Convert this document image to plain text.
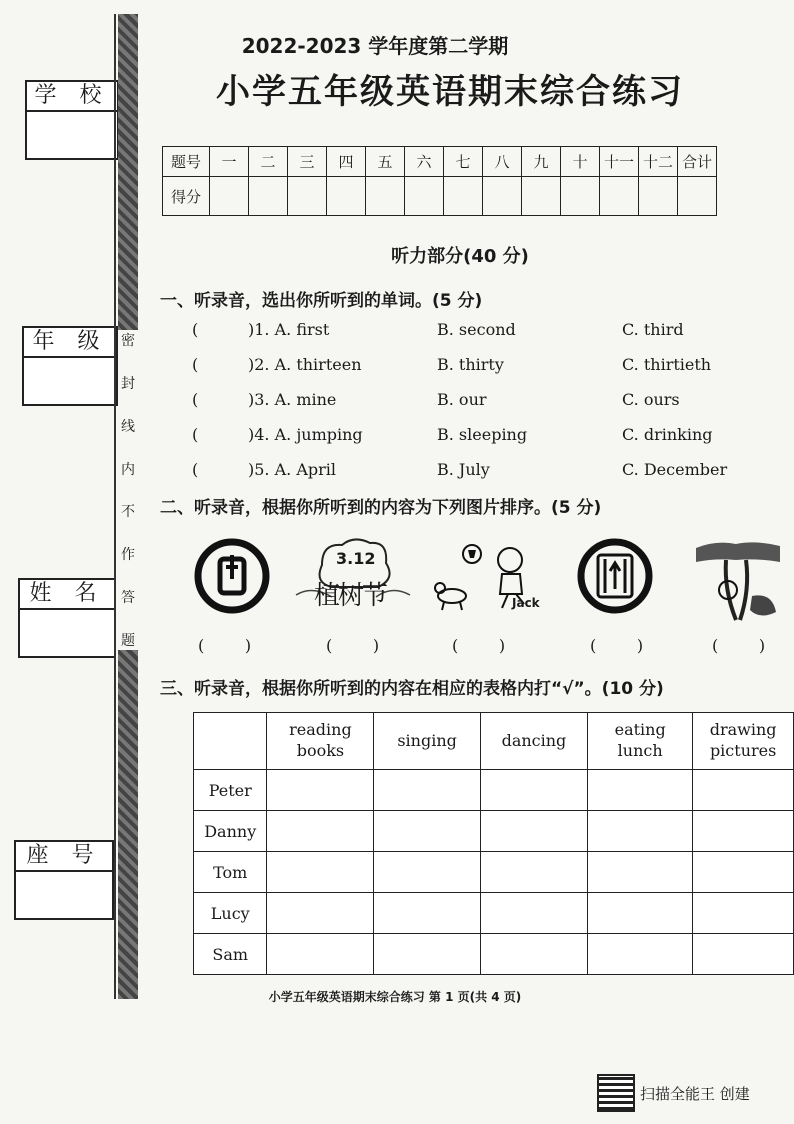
学 校
年 级
姓 名
座 号
密
封
线
内
不
作
答
题
2022-2023 学年度第二学期
小学五年级英语期末综合练习
题号	一	二	三	四	五	六	七	八	九	十	十一	十二	合计
得分													
听力部分(40 分)
一、听录音，选出你所听到的单词。(5 分)
(	)1. A. first	B. second	C. third
(	)2. A. thirteen	B. thirty	C. thirtieth
(	)3. A. mine	B. our	C. ours
(	)4. A. jumping	B. sleeping	C. drinking
(	)5. A. April	B. July	C. December
二、听录音，根据你所听到的内容为下列图片排序。(5 分)
3.12
植树节	Jack
(        )	(        )	(        )	(        )	(        )
三、听录音，根据你所听到的内容在相应的表格内打“√”。(10 分)
	reading books	singing	dancing	eating lunch	drawing pictures
Peter					
Danny					
Tom					
Lucy					
Sam					
小学五年级英语期末综合练习 第 1 页(共 4 页)
扫描全能王 创建
